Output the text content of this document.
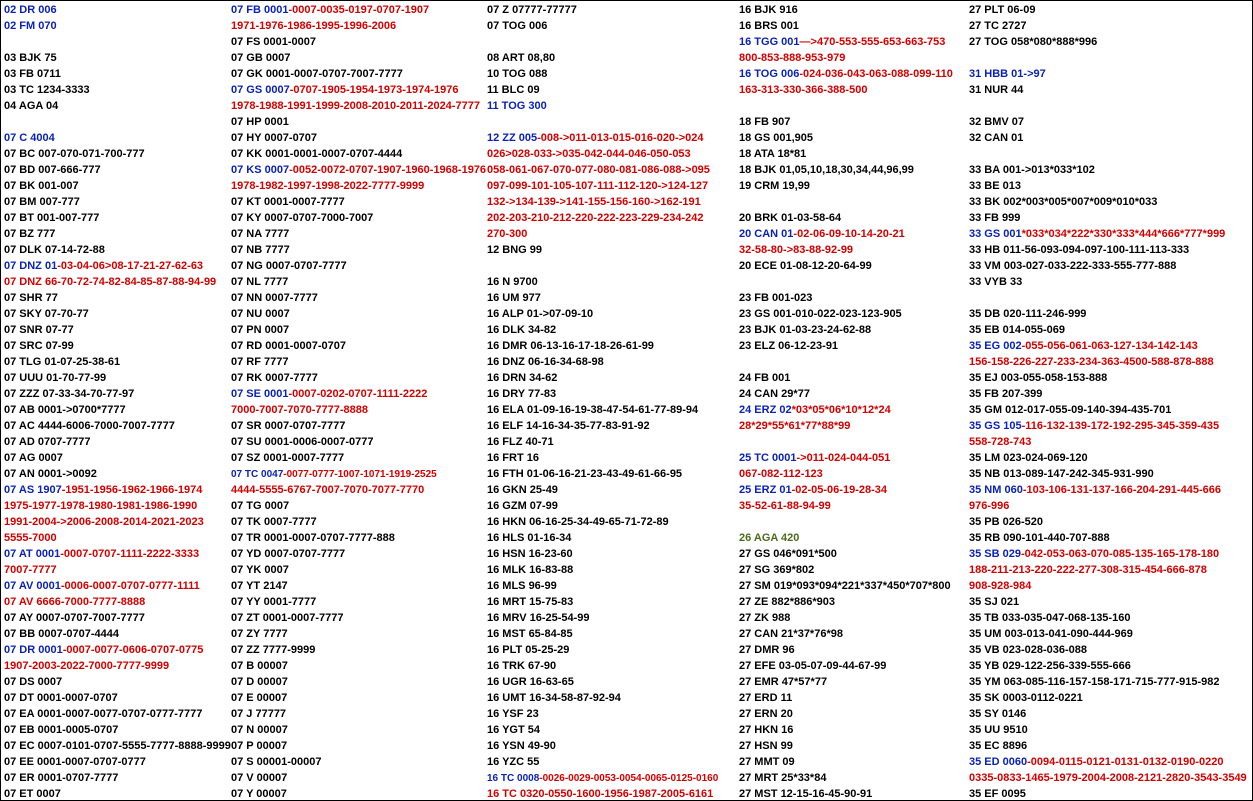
02 DR 006
02 FM 070
03 BJK 75
03 FB 0711
03 TC 1234-3333
04 AGA 04
07 C 4004
07 BC 007-070-071-700-777
07 BD 007-666-777
07 BK 001-007
07 BM 007-777
07 BT 001-007-777
07 BZ 777
07 DLK 07-14-72-88
07 DNZ 01-03-04-06>08-17-21-27-62-63
07 DNZ 66-70-72-74-82-84-85-87-88-94-99
07 SHR 77
07 SKY 07-70-77
07 SNR 07-77
07 SRC 07-99
07 TLG 01-07-25-38-61
07 UUU 01-70-77-99
07 ZZZ 07-33-34-70-77-97
07 AB 0001->0700*7777
07 AC 4444-6006-7000-7007-7777
07 AD 0707-7777
07 AG 0007
07 AN 0001->0092
07 AS 1907-1951-1956-1962-1966-1974
1975-1977-1978-1980-1981-1986-1990
1991-2004->2006-2008-2014-2021-2023
5555-7000
07 AT 0001-0007-0707-1111-2222-3333
7007-7777
07 AV 0001-0006-0007-0707-0777-1111
07 AV 6666-7000-7777-8888
07 AY 0007-0707-7007-7777
07 BB 0007-0707-4444
07 DR 0001-0007-0077-0606-0707-0775
1907-2003-2022-7000-7777-9999
07 DS 0007
07 DT 0001-0007-0707
07 EA 0001-0007-0077-0707-0777-7777
07 EB 0001-0005-0707
07 EC 0007-0101-0707-5555-7777-8888-9999
07 EE 0001-0007-0707-0777
07 ER 0001-0707-7777
07 ET 0007
07 FB 0001-0007-0035-0197-0707-1907
1971-1976-1986-1995-1996-2006
07 FS 0001-0007
07 GB 0007
07 GK 0001-0007-0707-7007-7777
07 GS 0007-0707-1905-1954-1973-1974-1976
1978-1988-1991-1999-2008-2010-2011-2024-7777
07 HP 0001
07 HY 0007-0707
07 KK 0001-0001-0007-0707-4444
07 KS 0007-0052-0072-0707-1907-1960-1968-1976
1978-1982-1997-1998-2022-7777-9999
07 KT 0001-0007-7777
07 KY 0007-0707-7000-7007
07 NA 7777
07 NB 7777
07 NG 0007-0707-7777
07 NL 7777
07 NN 0007-7777
07 NU 0007
07 PN 0007
07 RD 0001-0007-0707
07 RF 7777
07 RK 0007-7777
07 SE 0001-0007-0202-0707-1111-2222
7000-7007-7070-7777-8888
07 SR 0007-0707-7777
07 SU 0001-0006-0007-0777
07 SZ 0001-0007-7777
07 TC 0047-0077-0777-1007-1071-1919-2525
4444-5555-6767-7007-7070-7077-7770
07 TG 0007
07 TK 0007-7777
07 TR 0001-0007-0707-7777-888
07 YD 0007-0707-7777
07 YK 0007
07 YT 2147
07 YY 0001-7777
07 ZT 0001-0007-7777
07 ZY 7777
07 ZZ 7777-9999
07 B 00007
07 D 00007
07 E 00007
07 J 77777
07 N 00007
07 P 00007
07 S 00001-00007
07 V 00007
07 Y 00007
07 Z 07777-77777
07 TOG 006
08 ART 08,80
10 TOG 088
11 BLC 09
11 TOG 300
12 ZZ 005-008->011-013-015-016-020->024
026>028-033->035-042-044-046-050-053
058-061-067-070-077-080-081-086-088->095
097-099-101-105-107-111-112-120->124-127
132->134-139->141-155-156-160->162-191
202-203-210-212-220-222-223-229-234-242
270-300
12 BNG 99
16 N 9700
16 UM 977
16 ALP 01->07-09-10
16 DLK 34-82
16 DMR 06-13-16-17-18-26-61-99
16 DNZ 06-16-34-68-98
16 DRN 34-62
16 DRY 77-83
16 ELA 01-09-16-19-38-47-54-61-77-89-94
16 ELF 14-16-34-35-77-83-91-92
16 FLZ 40-71
16 FRT 16
16 FTH 01-06-16-21-23-43-49-61-66-95
16 GKN 25-49
16 GZM 07-99
16 HKN 06-16-25-34-49-65-71-72-89
16 HLS 01-16-34
16 HSN 16-23-60
16 MLK 16-83-88
16 MLS 96-99
16 MRT 15-75-83
16 MRV 16-25-54-99
16 MST 65-84-85
16 PLT 05-25-29
16 TRK 67-90
16 UGR 16-63-65
16 UMT 16-34-58-87-92-94
16 YSF 23
16 YGT 54
16 YSN 49-90
16 YZC 55
16 TC 0008-0026-0029-0053-0054-0065-0125-0160
16 TC 0320-0550-1600-1956-1987-2005-6161
16 BJK 916
16 BRS 001
16 TGG 001—>470-553-555-653-663-753
800-853-888-953-979
16 TOG 006-024-036-043-063-088-099-110
163-313-330-366-388-500
18 FB 907
18 GS 001,905
18 ATA 18*81
18 BJK 01,05,10,18,30,34,44,96,99
19 CRM 19,99
20 BRK 01-03-58-64
20 CAN 01-02-06-09-10-14-20-21
32-58-80->83-88-92-99
20 ECE 01-08-12-20-64-99
23 FB 001-023
23 GS 001-010-022-023-123-905
23 BJK 01-03-23-24-62-88
23 ELZ 06-12-23-91
24 FB 001
24 CAN 29*77
24 ERZ 02*03*05*06*10*12*24
28*29*55*61*77*88*99
25 TC 0001->011-024-044-051
067-082-112-123
25 ERZ 01-02-05-06-19-28-34
35-52-61-88-94-99
26 AGA 420
27 GS 046*091*500
27 SG 369*802
27 SM 019*093*094*221*337*450*707*800
27 ZE 882*886*903
27 ZK 988
27 CAN 21*37*76*98
27 DMR 96
27 EFE 03-05-07-09-44-67-99
27 EMR 47*57*77
27 ERD 11
27 ERN 20
27 HKN 16
27 HSN 99
27 MMT 09
27 MRT 25*33*84
27 MST 12-15-16-45-90-91
27 PLT 06-09
27 TC 2727
27 TOG 058*080*888*996
31 HBB 01->97
31 NUR 44
32 BMV 07
32 CAN 01
33 BA 001->013*033*102
33 BE 013
33 BK 002*003*005*007*009*010*033
33 FB 999
33 GS 001*033*034*222*330*333*444*666*777*999
33 HB 011-56-093-094-097-100-111-113-333
33 VM 003-027-033-222-333-555-777-888
33 VYB 33
35 DB 020-111-246-999
35 EB 014-055-069
35 EG 002-055-056-061-063-127-134-142-143
156-158-226-227-233-234-363-4500-588-878-888
35 EJ 003-055-058-153-888
35 FB 207-399
35 GM 012-017-055-09-140-394-435-701
35 GS 105-116-132-139-172-192-295-345-359-435
558-728-743
35 LM 023-024-069-120
35 NB 013-089-147-242-345-931-990
35 NM 060-103-106-131-137-166-204-291-445-666
976-996
35 PB 026-520
35 RB 090-101-440-707-888
35 SB 029-042-053-063-070-085-135-165-178-180
188-211-213-220-222-277-308-315-454-666-878
908-928-984
35 SJ 021
35 TB 033-035-047-068-135-160
35 UM 003-013-041-090-444-969
35 VB 023-028-036-088
35 YB 029-122-256-339-555-666
35 YM 063-085-116-157-158-171-715-777-915-982
35 SK 0003-0112-0221
35 SY 0146
35 UU 9510
35 EC 8896
35 ED 0060-0094-0115-0121-0131-0132-0190-0220
0335-0833-1465-1979-2004-2008-2121-2820-3543-3549
35 EF 0095
